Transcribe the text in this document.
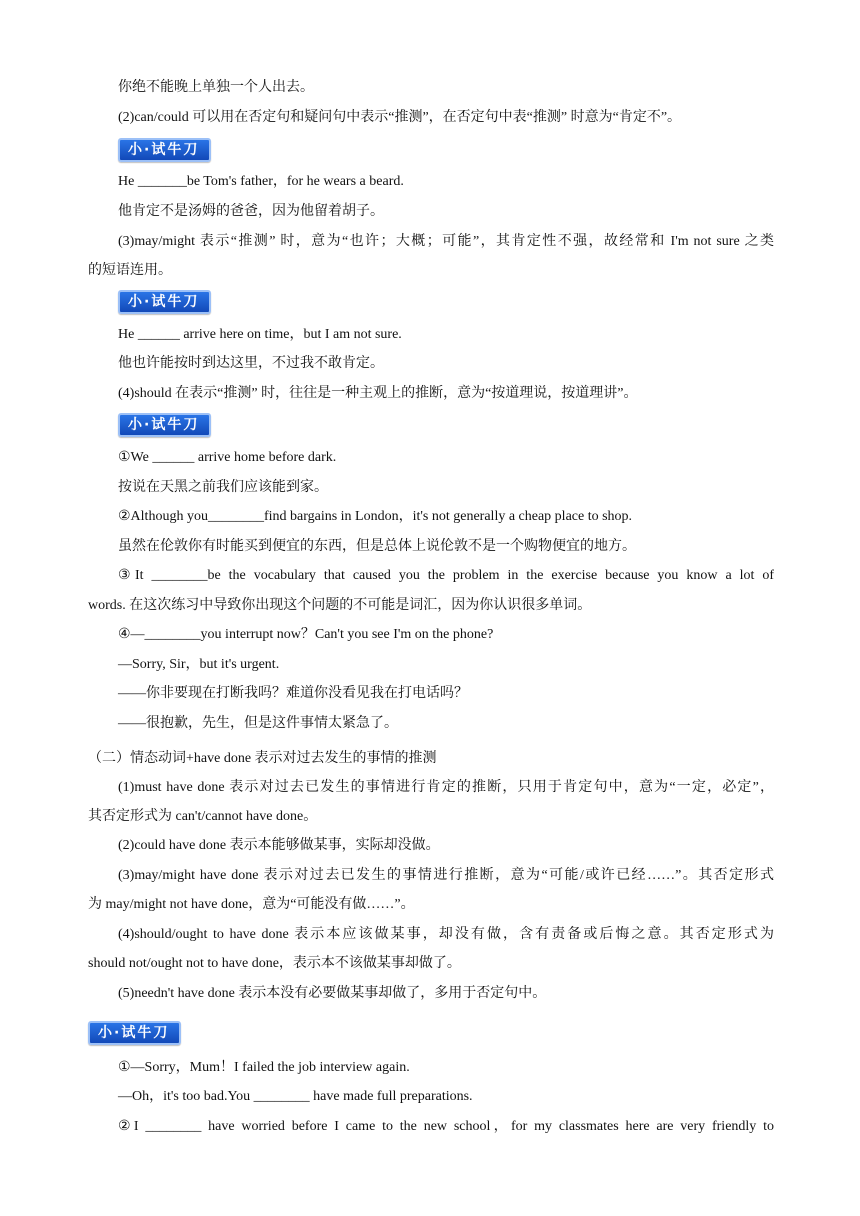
你绝不能晚上单独一个人出去。
(2)can/could 可以用在否定句和疑问句中表示“推测”，在否定句中表“推测” 时意为“肯定不”。
小·试牛刀
He _______be Tom's father，for he wears a beard.
他肯定不是汤姆的爸爸，因为他留着胡子。
(3)may/might 表示“推测” 时，意为“也许；大概；可能”，其肯定性不强，故经常和 I'm not sure 之类
的短语连用。
小·试牛刀
He ______ arrive here on time，but I am not sure.
他也许能按时到达这里，不过我不敢肯定。
(4)should 在表示“推测” 时，往往是一种主观上的推断，意为“按道理说，按道理讲”。
小·试牛刀
①We ______ arrive home before dark.
按说在天黑之前我们应该能到家。
②Although you________find bargains in London，it's not generally a cheap place to shop.
虽然在伦敦你有时能买到便宜的东西，但是总体上说伦敦不是一个购物便宜的地方。
③It ________be the vocabulary that caused you the problem in the exercise because you know a lot of
words. 在这次练习中导致你出现这个问题的不可能是词汇，因为你认识很多单词。
④—________you interrupt now？Can't you see I'm on the phone?
—Sorry, Sir，but it's urgent.
——你非要现在打断我吗？难道你没看见我在打电话吗？
——很抱歉，先生，但是这件事情太紧急了。
（二）情态动词+have done 表示对过去发生的事情的推测
(1)must have done 表示对过去已发生的事情进行肯定的推断，只用于肯定句中，意为“一定，必定”，
其否定形式为 can't/cannot have done。
(2)could have done 表示本能够做某事，实际却没做。
(3)may/might have done 表示对过去已发生的事情进行推断，意为“可能/或许已经……”。其否定形式
为 may/might not have done，意为“可能没有做……”。
(4)should/ought to have done 表示本应该做某事，却没有做，含有责备或后悔之意。其否定形式为
should not/ought not to have done，表示本不该做某事却做了。
(5)needn't have done 表示本没有必要做某事却做了，多用于否定句中。
小·试牛刀
①—Sorry，Mum！I failed the job interview again.
—Oh，it's too bad.You ________ have made full preparations.
②I ________ have worried before I came to the new school，for my classmates here are very friendly to
